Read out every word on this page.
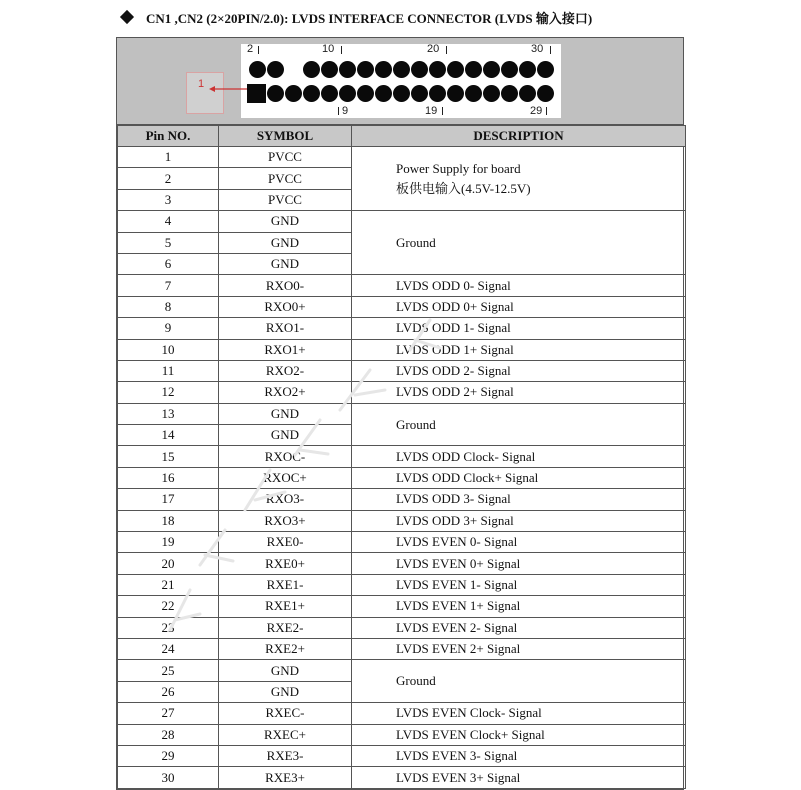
CN1 ,CN2 (2×20PIN/2.0): LVDS INTERFACE CONNECTOR (LVDS 输入接口)
2	10	20	30
9	19	29
1
Pin NO.	SYMBOL	DESCRIPTION
1	PVCC	Power Supply for board
板供电输入(4.5V-12.5V)

2	PVCC	
3	PVCC	
4	GND	Ground
5	GND	
6	GND	
7	RXO0-	LVDS ODD 0- Signal
8	RXO0+	LVDS ODD 0+ Signal
9	RXO1-	LVDS ODD 1- Signal
10	RXO1+	LVDS ODD 1+ Signal
11	RXO2-	LVDS ODD 2- Signal
12	RXO2+	LVDS ODD 2+ Signal
13	GND	Ground
14	GND	
15	RXOC-	LVDS ODD Clock- Signal
16	RXOC+	LVDS ODD Clock+ Signal
17	RXO3-	LVDS ODD 3- Signal
18	RXO3+	LVDS ODD 3+ Signal
19	RXE0-	LVDS EVEN 0- Signal
20	RXE0+	LVDS EVEN 0+ Signal
21	RXE1-	LVDS EVEN 1- Signal
22	RXE1+	LVDS EVEN 1+ Signal
23	RXE2-	LVDS EVEN 2- Signal
24	RXE2+	LVDS EVEN 2+ Signal
25	GND	Ground
26	GND	
27	RXEC-	LVDS EVEN Clock- Signal
28	RXEC+	LVDS EVEN Clock+ Signal
29	RXE3-	LVDS EVEN 3- Signal
30	RXE3+	LVDS EVEN 3+ Signal
